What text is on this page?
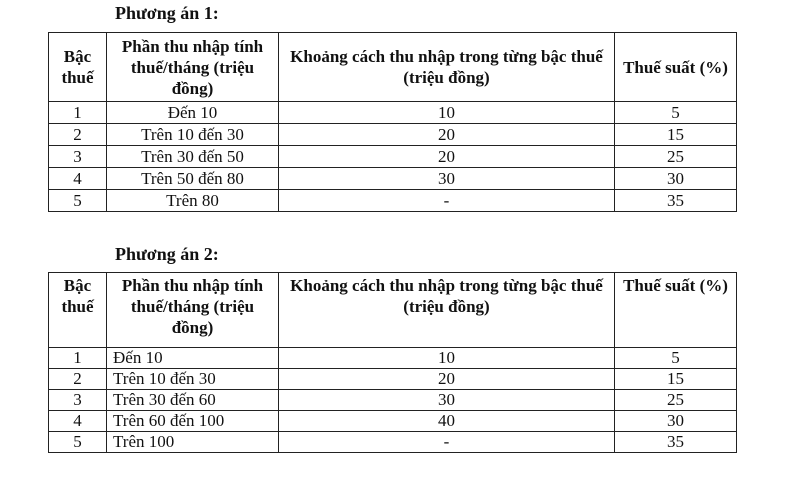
Phương án 1:

Bậc thuế	Phần thu nhập tính thuế/tháng (triệu đồng)	Khoảng cách thu nhập trong từng bậc thuế (triệu đồng)	Thuế suất (%)
1	Đến 10	10	5
2	Trên 10 đến 30	20	15
3	Trên 30 đến 50	20	25
4	Trên 50 đến 80	30	30
5	Trên 80	-	35

Phương án 2:

Bậc thuế	Phần thu nhập tính thuế/tháng (triệu đồng)	Khoảng cách thu nhập trong từng bậc thuế (triệu đồng)	Thuế suất (%)
1	Đến 10	10	5
2	Trên 10 đến 30	20	15
3	Trên 30 đến 60	30	25
4	Trên 60 đến 100	40	30
5	Trên 100	-	35
